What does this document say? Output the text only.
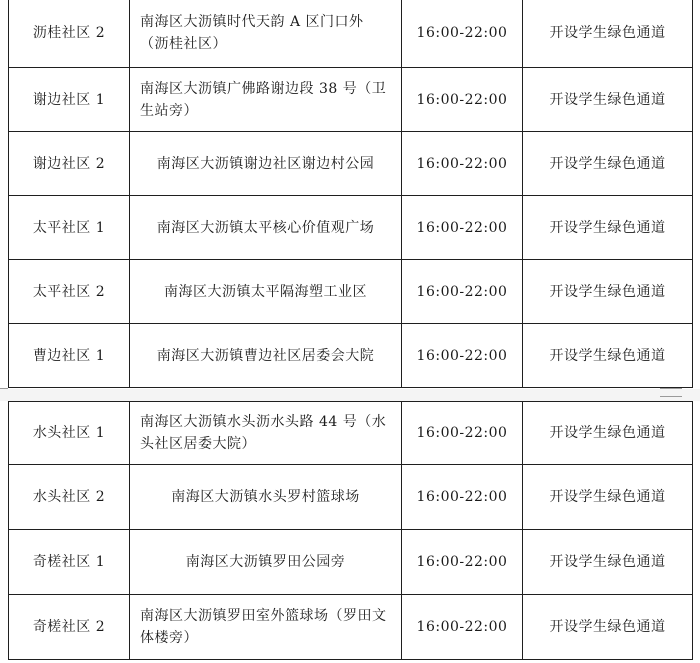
沥桂社区 2	南海区大沥镇时代天韵 A 区门口外（沥桂社区）	16:00-22:00	开设学生绿色通道
谢边社区 1	南海区大沥镇广佛路谢边段 38 号（卫生站旁）	16:00-22:00	开设学生绿色通道
谢边社区 2	南海区大沥镇谢边社区谢边村公园	16:00-22:00	开设学生绿色通道
太平社区 1	南海区大沥镇太平核心价值观广场	16:00-22:00	开设学生绿色通道
太平社区 2	南海区大沥镇太平隔海塑工业区	16:00-22:00	开设学生绿色通道
曹边社区 1	南海区大沥镇曹边社区居委会大院	16:00-22:00	开设学生绿色通道
水头社区 1	南海区大沥镇水头沥水头路 44 号（水头社区居委大院）	16:00-22:00	开设学生绿色通道
水头社区 2	南海区大沥镇水头罗村篮球场	16:00-22:00	开设学生绿色通道
奇槎社区 1	南海区大沥镇罗田公园旁	16:00-22:00	开设学生绿色通道
奇槎社区 2	南海区大沥镇罗田室外篮球场（罗田文体楼旁）	16:00-22:00	开设学生绿色通道
